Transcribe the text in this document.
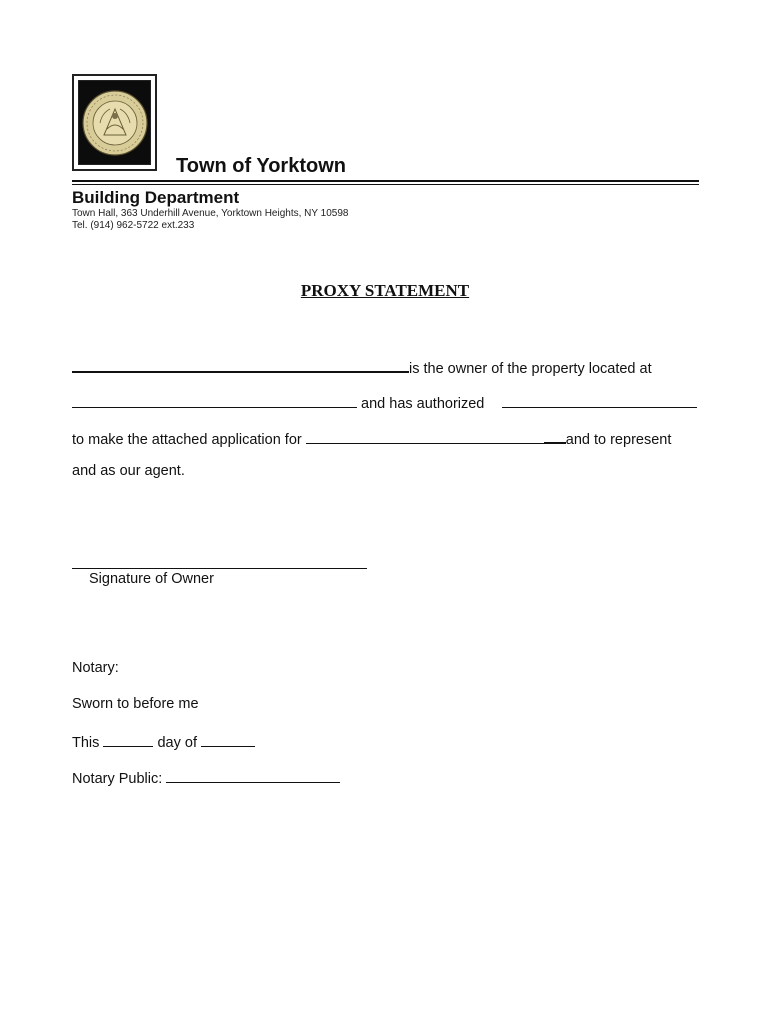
Town of Yorktown
Building Department
Town Hall, 363 Underhill Avenue, Yorktown Heights, NY 10598
Tel. (914) 962-5722 ext.233
PROXY STATEMENT
is the owner of the property located at
and has authorized
to make the attached application for	and to represent
and as our agent.
Signature of Owner
Notary:
Sworn to before me
This	day of
Notary Public:
